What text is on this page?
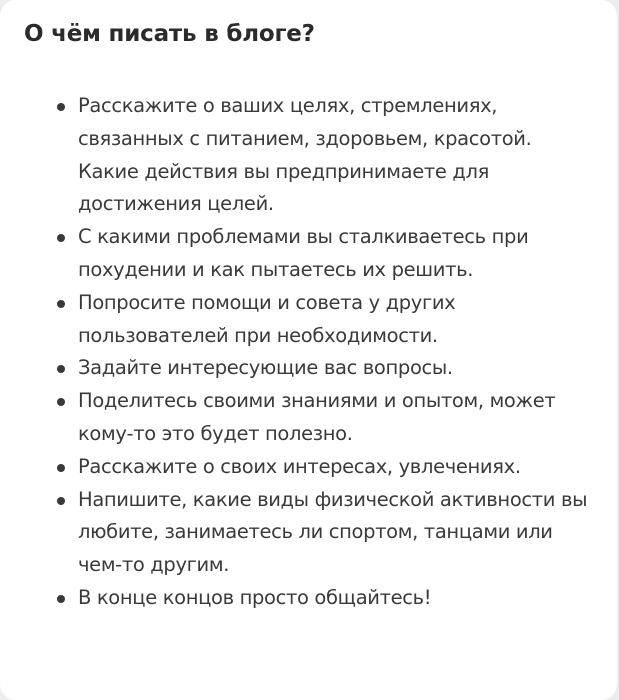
О чём писать в блоге?
Расскажите о ваших целях, стремлениях, связанных с питанием, здоровьем, красотой. Какие действия вы предпринимаете для достижения целей.
С какими проблемами вы сталкиваетесь при похудении и как пытаетесь их решить.
Попросите помощи и совета у других пользователей при необходимости.
Задайте интересующие вас вопросы.
Поделитесь своими знаниями и опытом, может кому-то это будет полезно.
Расскажите о своих интересах, увлечениях.
Напишите, какие виды физической активности вы любите, занимаетесь ли спортом, танцами или чем-то другим.
В конце концов просто общайтесь!
